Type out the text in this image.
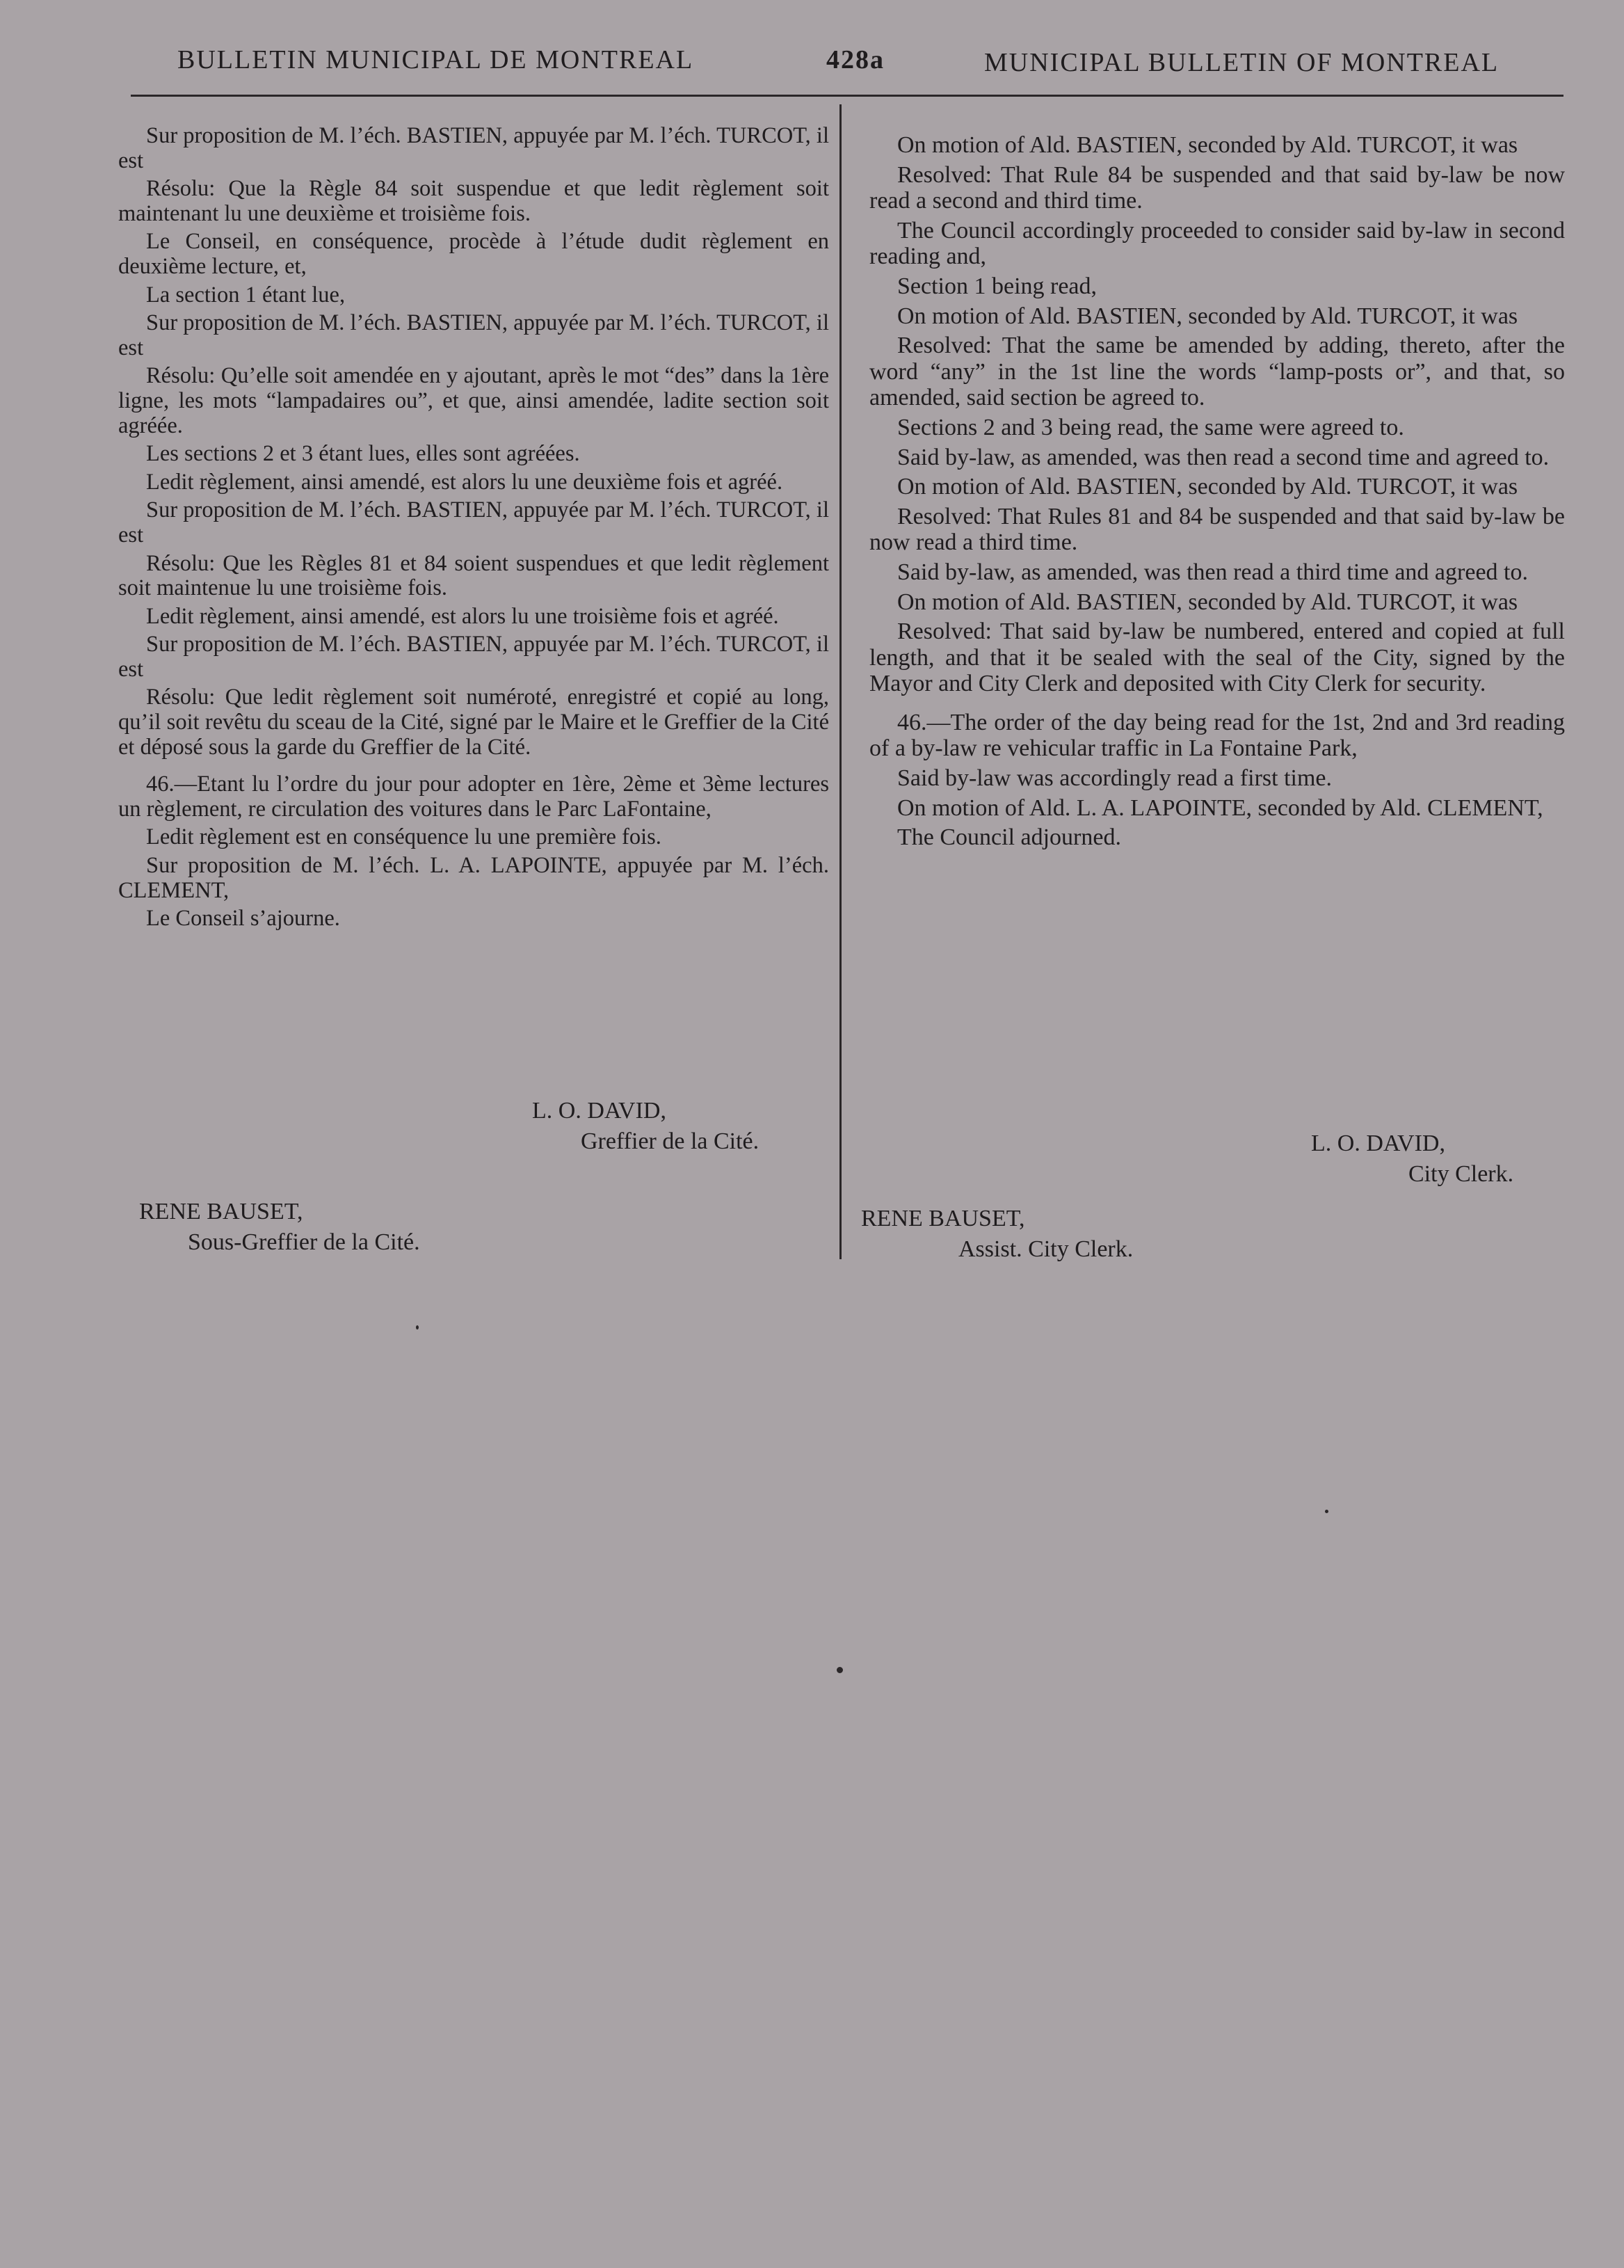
BULLETIN MUNICIPAL DE MONTREAL	428a	MUNICIPAL BULLETIN OF MONTREAL

Sur proposition de M. l’éch. BASTIEN, appuyée par M. l’éch. TURCOT, il est

Résolu: Que la Règle 84 soit suspendue et que ledit règlement soit maintenant lu une deuxième et troisième fois.

Le Conseil, en conséquence, procède à l’étude dudit règlement en deuxième lecture, et,

La section 1 étant lue,

Sur proposition de M. l’éch. BASTIEN, appuyée par M. l’éch. TURCOT, il est

Résolu: Qu’elle soit amendée en y ajoutant, après le mot “des” dans la 1ère ligne, les mots “lampadaires ou”, et que, ainsi amendée, ladite section soit agréée.

Les sections 2 et 3 étant lues, elles sont agréées.

Ledit règlement, ainsi amendé, est alors lu une deuxième fois et agréé.

Sur proposition de M. l’éch. BASTIEN, appuyée par M. l’éch. TURCOT, il est

Résolu: Que les Règles 81 et 84 soient suspendues et que ledit règlement soit maintenue lu une troisième fois.

Ledit règlement, ainsi amendé, est alors lu une troisième fois et agréé.

Sur proposition de M. l’éch. BASTIEN, appuyée par M. l’éch. TURCOT, il est

Résolu: Que ledit règlement soit numéroté, enregistré et copié au long, qu’il soit revêtu du sceau de la Cité, signé par le Maire et le Greffier de la Cité et déposé sous la garde du Greffier de la Cité.

46.—Etant lu l’ordre du jour pour adopter en 1ère, 2ème et 3ème lectures un règlement, re circulation des voitures dans le Parc LaFontaine,

Ledit règlement est en conséquence lu une première fois.

Sur proposition de M. l’éch. L. A. LAPOINTE, appuyée par M. l’éch. CLEMENT,

Le Conseil s’ajourne.

On motion of Ald. BASTIEN, seconded by Ald. TURCOT, it was

Resolved: That Rule 84 be suspended and that said by-law be now read a second and third time.

The Council accordingly proceeded to consider said by-law in second reading and,

Section 1 being read,

On motion of Ald. BASTIEN, seconded by Ald. TURCOT, it was

Resolved: That the same be amended by adding, thereto, after the word “any” in the 1st line the words “lamp-posts or”, and that, so amended, said section be agreed to.

Sections 2 and 3 being read, the same were agreed to.

Said by-law, as amended, was then read a second time and agreed to.

On motion of Ald. BASTIEN, seconded by Ald. TURCOT, it was

Resolved: That Rules 81 and 84 be suspended and that said by-law be now read a third time.

Said by-law, as amended, was then read a third time and agreed to.

On motion of Ald. BASTIEN, seconded by Ald. TURCOT, it was

Resolved: That said by-law be numbered, entered and copied at full length, and that it be sealed with the seal of the City, signed by the Mayor and City Clerk and deposited with City Clerk for security.

46.—The order of the day being read for the 1st, 2nd and 3rd reading of a by-law re vehicular traffic in La Fontaine Park,

Said by-law was accordingly read a first time.

On motion of Ald. L. A. LAPOINTE, seconded by Ald. CLEMENT,

The Council adjourned.

L. O. DAVID,
Greffier de la Cité.
RENE BAUSET,
Sous-Greffier de la Cité.
L. O. DAVID,
City Clerk.
RENE BAUSET,
Assist. City Clerk.
